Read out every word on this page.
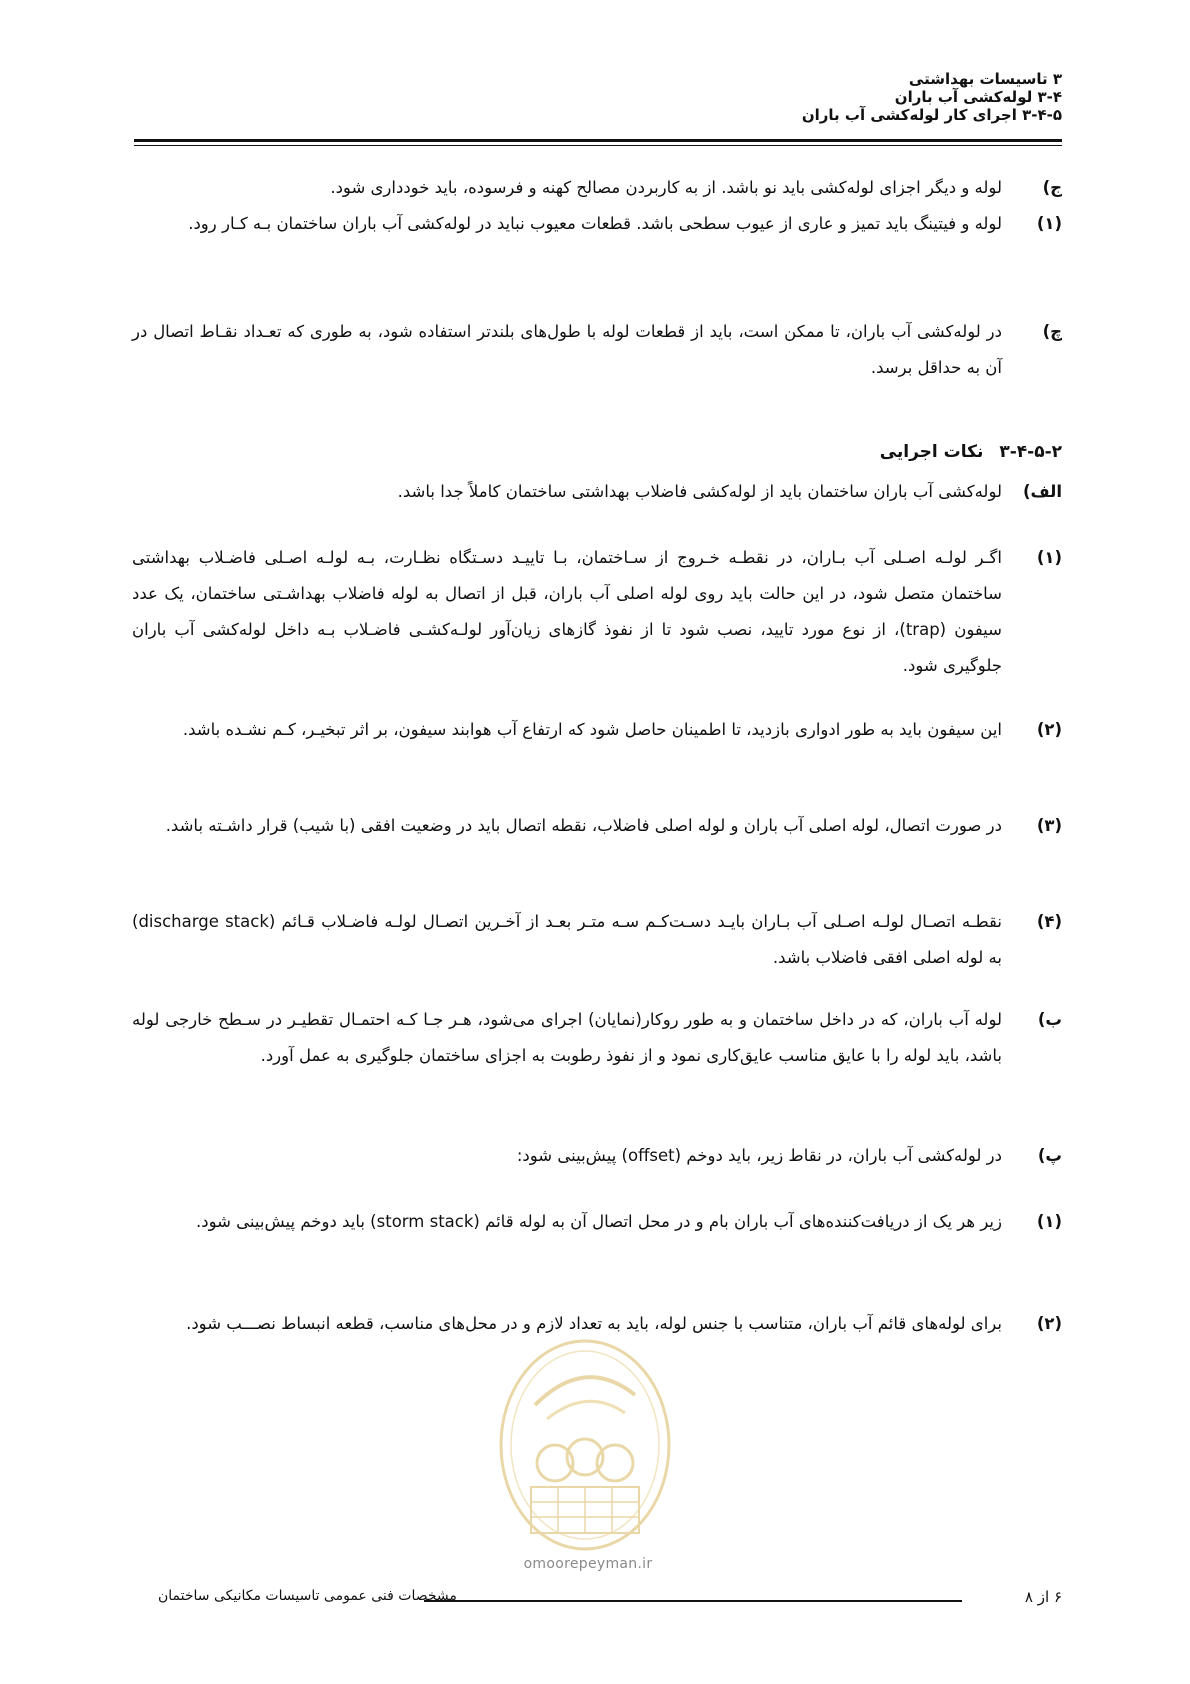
۳ تاسیسات بهداشتی
۳-۴ لوله‌کشی آب باران
۳-۴-۵ اجرای کار لوله‌کشی آب باران
ج)
لوله و دیگر اجزای لوله‌کشی باید نو باشد. از به کاربردن مصالح کهنه و فرسوده، باید خودداری شود.
(۱)
لوله و فیتینگ باید تمیز و عاری از عیوب سطحی باشد. قطعات معیوب نباید در لوله‌کشی آب باران ساختمان بـه کـار رود.
چ)
در لوله‌کشی آب باران، تا ممکن است، باید از قطعات لوله با طول‌های بلندتر استفاده شود، به طوری که تعـداد نقـاط اتصال در آن به حداقل برسد.
۳-۴-۵-۲ نکات اجرایی
الف)
لوله‌کشی آب باران ساختمان باید از لوله‌کشی فاضلاب بهداشتی ساختمان کاملاً جدا باشد.
(۱)
اگـر لولـه اصـلی آب بـاران، در نقطـه خـروج از سـاختمان، بـا تاییـد دسـتگاه نظـارت، بـه لولـه اصـلی فاضـلاب بهداشتی ساختمان متصل شود، در این حالت باید روی لوله اصلی آب باران، قبل از اتصال به لوله فاضلاب بهداشـتی ساختمان، یک عدد سیفون (trap)، از نوع مورد تایید، نصب شود تا از نفوذ گازهای زیان‌آور لولـه‌کشـی فاضـلاب بـه داخل لوله‌کشی آب باران جلوگیری شود.
(۲)
این سیفون باید به طور ادواری بازدید، تا اطمینان حاصل شود که ارتفاع آب هوابند سیفون، بر اثر تبخیـر، کـم نشـده باشد.
(۳)
در صورت اتصال، لوله اصلی آب باران و لوله اصلی فاضلاب، نقطه اتصال باید در وضعیت افقی (با شیب) قرار داشـته باشد.
(۴)
نقطـه اتصـال لولـه اصـلی آب بـاران بایـد دسـت‌کـم سـه متـر بعـد از آخـرین اتصـال لولـه فاضـلاب قـائم (discharge stack) به لوله اصلی افقی فاضلاب باشد.
ب)
لوله آب باران، که در داخل ساختمان و به طور روکار(نمایان) اجرای می‌شود، هـر جـا کـه احتمـال تقطیـر در سـطح خارجی لوله باشد، باید لوله را با عایق مناسب عایق‌کاری نمود و از نفوذ رطوبت به اجزای ساختمان جلوگیری به عمل آورد.
پ)
در لوله‌کشی آب باران، در نقاط زیر، باید دوخم (offset) پیش‌بینی شود:
(۱)
زیر هر یک از دریافت‌کننده‌های آب باران بام و در محل اتصال آن به لوله قائم (storm stack) باید دوخم پیش‌بینی شود.
(۲)
برای لوله‌های قائم آب باران، متناسب با جنس لوله، باید به تعداد لازم و در محل‌های مناسب، قطعه انبساط نصـــب شود.
omoorepeyman.ir
۶ از ۸
مشخصات فنی عمومی تاسیسات مکانیکی ساختمان
